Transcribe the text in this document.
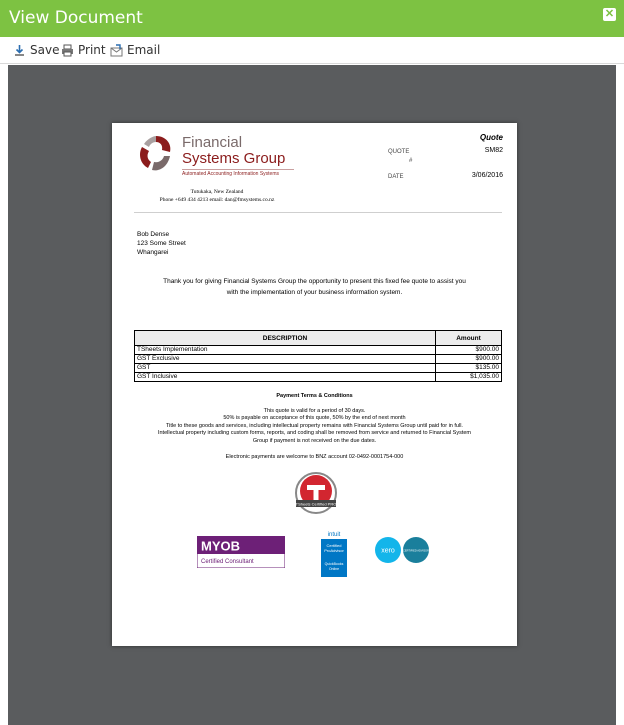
View Document	✕
Save Print Email
Financial
Systems Group
Automated Accounting Information Systems
Tutukaka, New Zealand
Phone +649 434 4213 email: dan@fmsystems.co.nz
Quote
QUOTE
#
SM82
DATE	3/06/2016
Bob Dense
123 Some Street
Whangarei
Thank you for giving Financial Systems Group the opportunity to present this fixed fee quote to assist you
with the implementation of your business information system.
DESCRIPTION	Amount
TSheets Implementation	$900.00
GST Exclusive	$900.00
GST	$135.00
GST Inclusive	$1,035.00
Payment Terms & Conditions
This quote is valid for a period of 30 days.
50% is payable on acceptance of this quote, 50% by the end of next month
Title to these goods and services, including intellectual property remains with Financial Systems Group until paid for in full.
Intellectual property including custom forms, reports, and coding shall be removed from service and returned to Financial System
Group if payment is not received on the due dates.
Electronic payments are welcome to BNZ account 02-0492-0001754-000
TSheets Certified PRO
MYOB
Certified Consultant
intuit
Certified
ProAdvisor
QuickBooks
Online
xero	CERTIFIED ADVISOR
